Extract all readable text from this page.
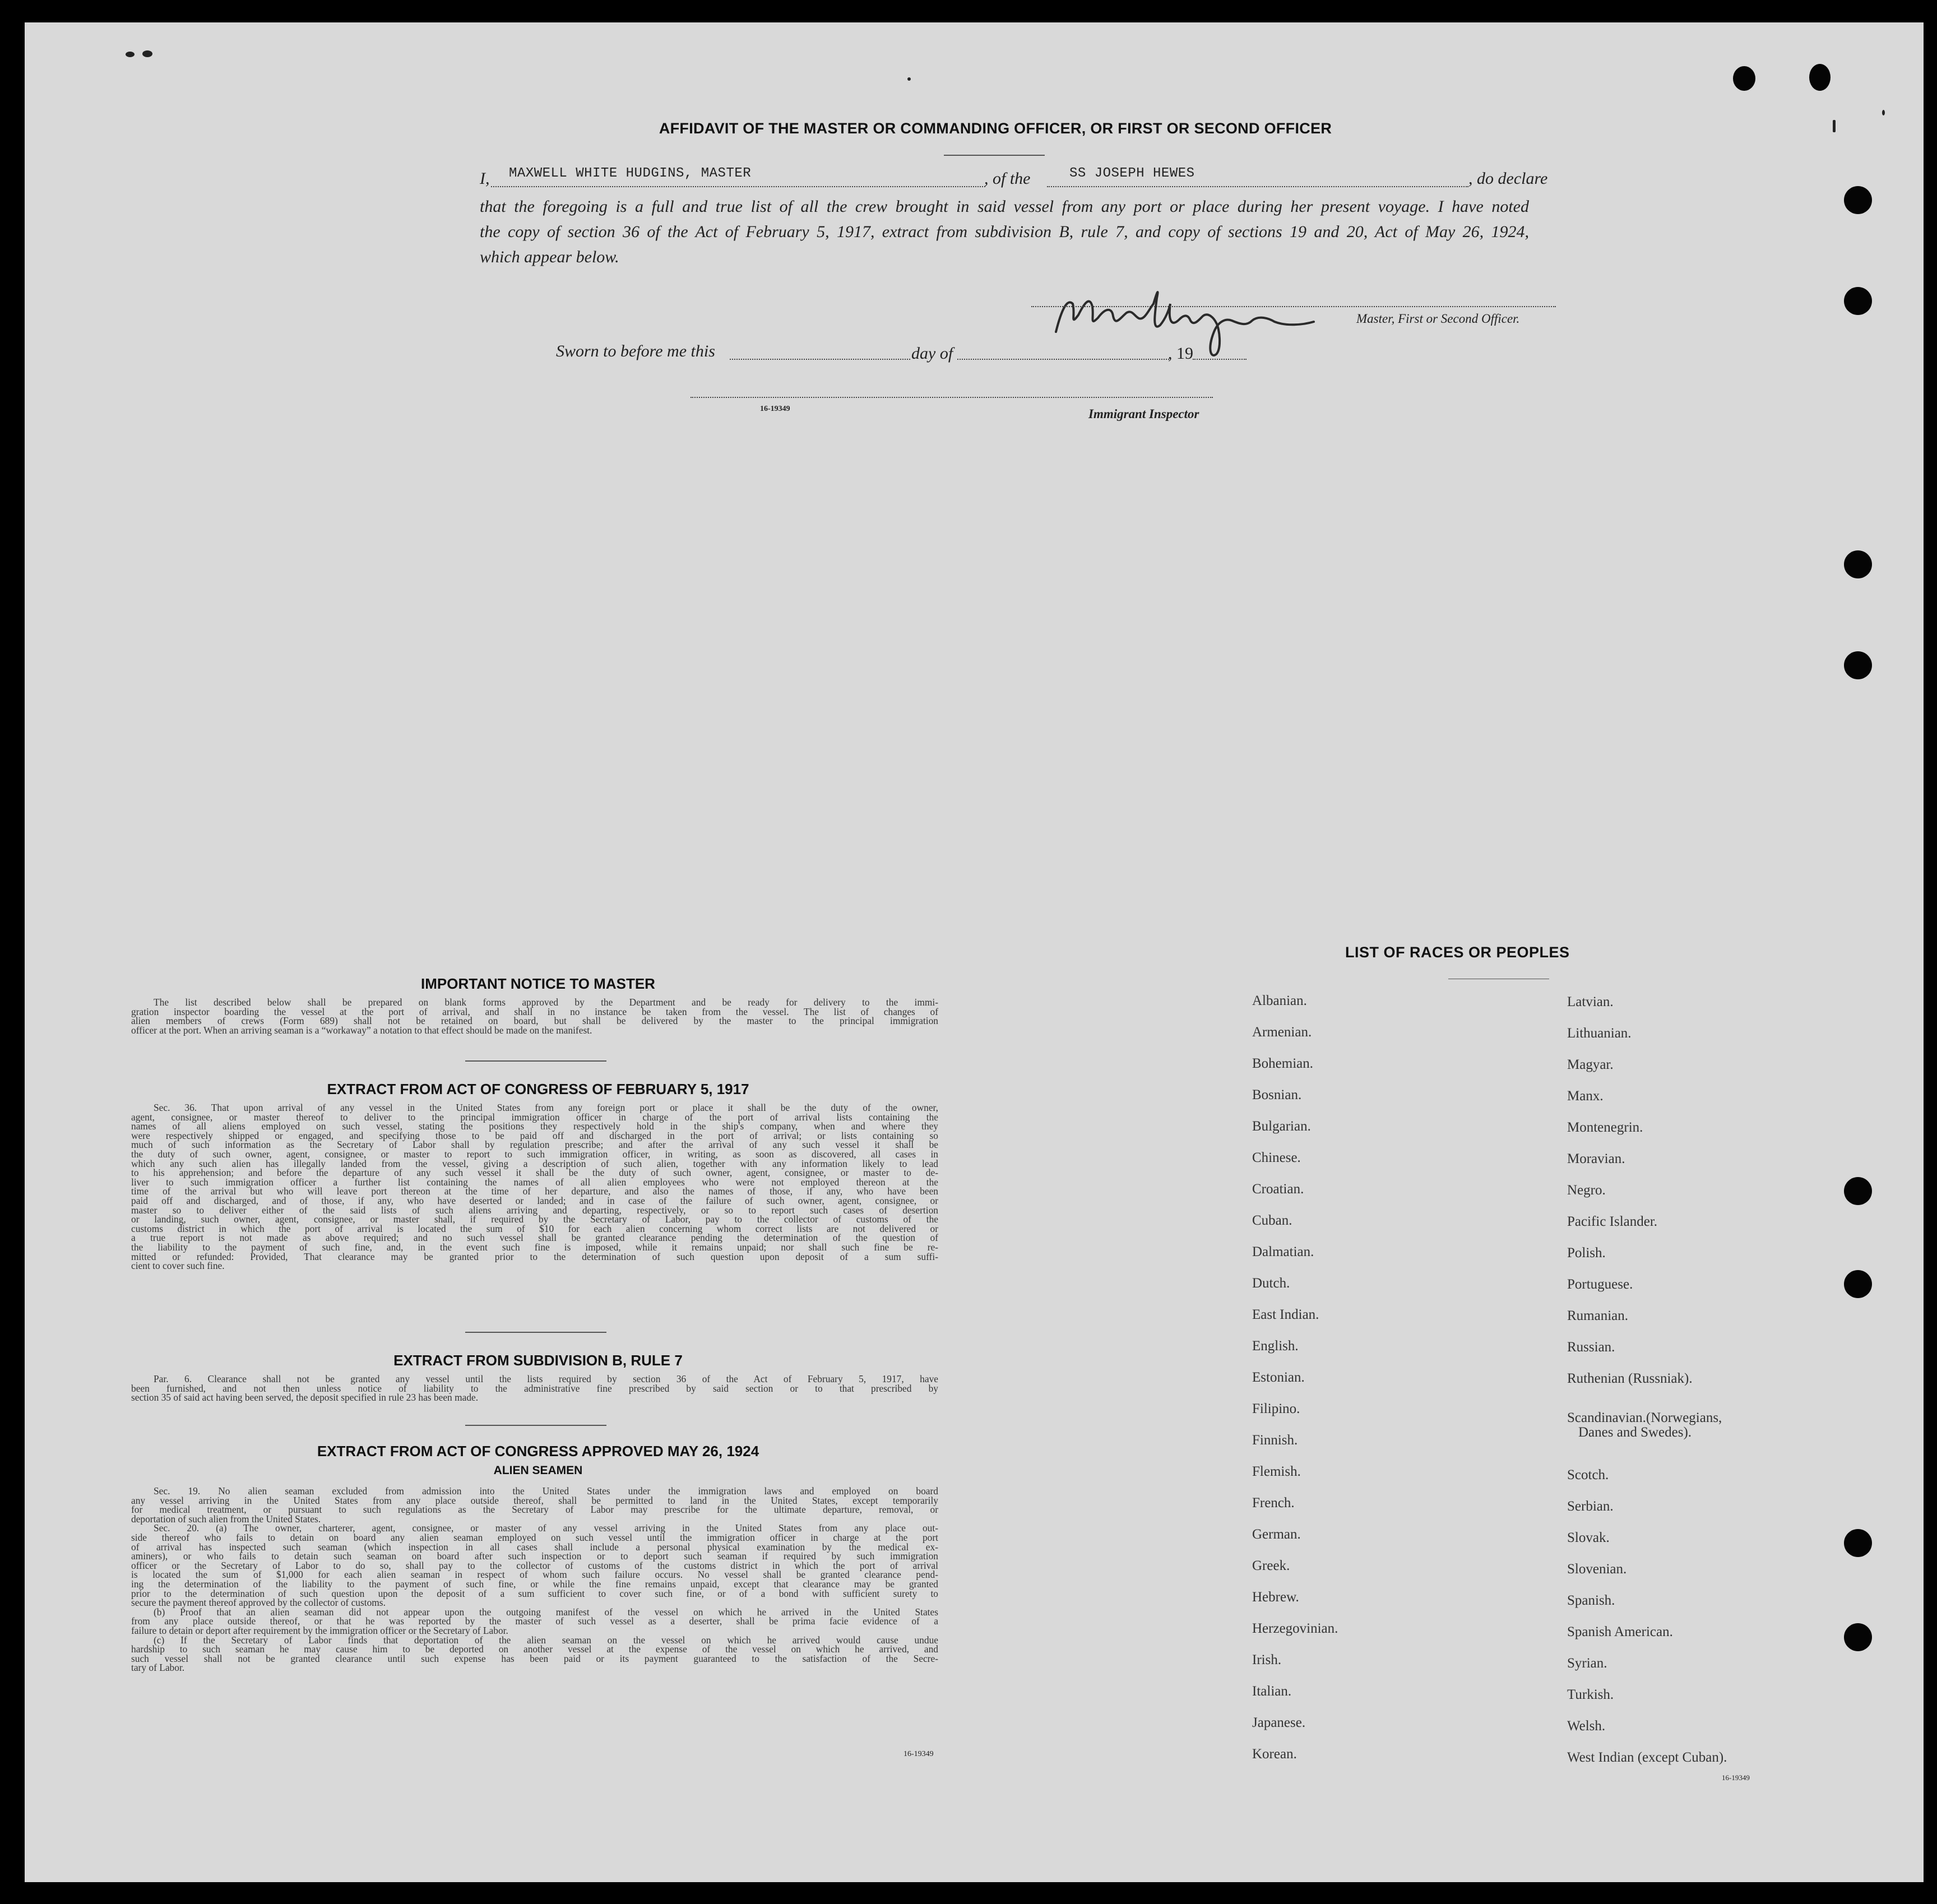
AFFIDAVIT OF THE MASTER OR COMMANDING OFFICER, OR FIRST OR SECOND OFFICER
I, MAXWELL WHITE HUDGINS, MASTER	, of the	SS JOSEPH HEWES	, do declare
that the foregoing is a full and true list of all the crew brought in said vessel from any port or place during her present voyage. I have noted
the copy of section 36 of the Act of February 5, 1917, extract from subdivision B, rule 7, and copy of sections 19 and 20, Act of May 26, 1924,
which appear below.
Master, First or Second Officer.
Sworn to before me this	day of	, 19
16-19349	Immigrant Inspector
IMPORTANT NOTICE TO MASTER
The list described below shall be prepared on blank forms approved by the Department and be ready for delivery to the immi-
gration inspector boarding the vessel at the port of arrival, and shall in no instance be taken from the vessel. The list of changes of
alien members of crews (Form 689) shall not be retained on board, but shall be delivered by the master to the principal immigration
officer at the port. When an arriving seaman is a “workaway” a notation to that effect should be made on the manifest.
EXTRACT FROM ACT OF CONGRESS OF FEBRUARY 5, 1917
Sec. 36. That upon arrival of any vessel in the United States from any foreign port or place it shall be the duty of the owner,
agent, consignee, or master thereof to deliver to the principal immigration officer in charge of the port of arrival lists containing the
names of all aliens employed on such vessel, stating the positions they respectively hold in the ship's company, when and where they
were respectively shipped or engaged, and specifying those to be paid off and discharged in the port of arrival; or lists containing so
much of such information as the Secretary of Labor shall by regulation prescribe; and after the arrival of any such vessel it shall be
the duty of such owner, agent, consignee, or master to report to such immigration officer, in writing, as soon as discovered, all cases in
which any such alien has illegally landed from the vessel, giving a description of such alien, together with any information likely to lead
to his apprehension; and before the departure of any such vessel it shall be the duty of such owner, agent, consignee, or master to de-
liver to such immigration officer a further list containing the names of all alien employees who were not employed thereon at the
time of the arrival but who will leave port thereon at the time of her departure, and also the names of those, if any, who have been
paid off and discharged, and of those, if any, who have deserted or landed; and in case of the failure of such owner, agent, consignee, or
master so to deliver either of the said lists of such aliens arriving and departing, respectively, or so to report such cases of desertion
or landing, such owner, agent, consignee, or master shall, if required by the Secretary of Labor, pay to the collector of customs of the
customs district in which the port of arrival is located the sum of $10 for each alien concerning whom correct lists are not delivered or
a true report is not made as above required; and no such vessel shall be granted clearance pending the determination of the question of
the liability to the payment of such fine, and, in the event such fine is imposed, while it remains unpaid; nor shall such fine be re-
mitted or refunded: Provided, That clearance may be granted prior to the determination of such question upon deposit of a sum suffi-
cient to cover such fine.
EXTRACT FROM SUBDIVISION B, RULE 7
Par. 6. Clearance shall not be granted any vessel until the lists required by section 36 of the Act of February 5, 1917, have
been furnished, and not then unless notice of liability to the administrative fine prescribed by said section or to that prescribed by
section 35 of said act having been served, the deposit specified in rule 23 has been made.
EXTRACT FROM ACT OF CONGRESS APPROVED MAY 26, 1924
ALIEN SEAMEN
Sec. 19. No alien seaman excluded from admission into the United States under the immigration laws and employed on board
any vessel arriving in the United States from any place outside thereof, shall be permitted to land in the United States, except temporarily
for medical treatment, or pursuant to such regulations as the Secretary of Labor may prescribe for the ultimate departure, removal, or
deportation of such alien from the United States.
Sec. 20. (a) The owner, charterer, agent, consignee, or master of any vessel arriving in the United States from any place out-
side thereof who fails to detain on board any alien seaman employed on such vessel until the immigration officer in charge at the port
of arrival has inspected such seaman (which inspection in all cases shall include a personal physical examination by the medical ex-
aminers), or who fails to detain such seaman on board after such inspection or to deport such seaman if required by such immigration
officer or the Secretary of Labor to do so, shall pay to the collector of customs of the customs district in which the port of arrival
is located the sum of $1,000 for each alien seaman in respect of whom such failure occurs. No vessel shall be granted clearance pend-
ing the determination of the liability to the payment of such fine, or while the fine remains unpaid, except that clearance may be granted
prior to the determination of such question upon the deposit of a sum sufficient to cover such fine, or of a bond with sufficient surety to
secure the payment thereof approved by the collector of customs.
(b) Proof that an alien seaman did not appear upon the outgoing manifest of the vessel on which he arrived in the United States
from any place outside thereof, or that he was reported by the master of such vessel as a deserter, shall be prima facie evidence of a
failure to detain or deport after requirement by the immigration officer or the Secretary of Labor.
(c) If the Secretary of Labor finds that deportation of the alien seaman on the vessel on which he arrived would cause undue
hardship to such seaman he may cause him to be deported on another vessel at the expense of the vessel on which he arrived, and
such vessel shall not be granted clearance until such expense has been paid or its payment guaranteed to the satisfaction of the Secre-
tary of Labor.
16-19349
LIST OF RACES OR PEOPLES
Albanian.
Armenian.
Bohemian.
Bosnian.
Bulgarian.
Chinese.
Croatian.
Cuban.
Dalmatian.
Dutch.
East Indian.
English.
Estonian.
Filipino.
Finnish.
Flemish.
French.
German.
Greek.
Hebrew.
Herzegovinian.
Irish.
Italian.
Japanese.
Korean.
Latvian.
Lithuanian.
Magyar.
Manx.
Montenegrin.
Moravian.
Negro.
Pacific Islander.
Polish.
Portuguese.
Rumanian.
Russian.
Ruthenian (Russniak).
Scandinavian.(Norwegians,
Danes and Swedes).
Scotch.
Serbian.
Slovak.
Slovenian.
Spanish.
Spanish American.
Syrian.
Turkish.
Welsh.
West Indian (except Cuban).
16-19349
